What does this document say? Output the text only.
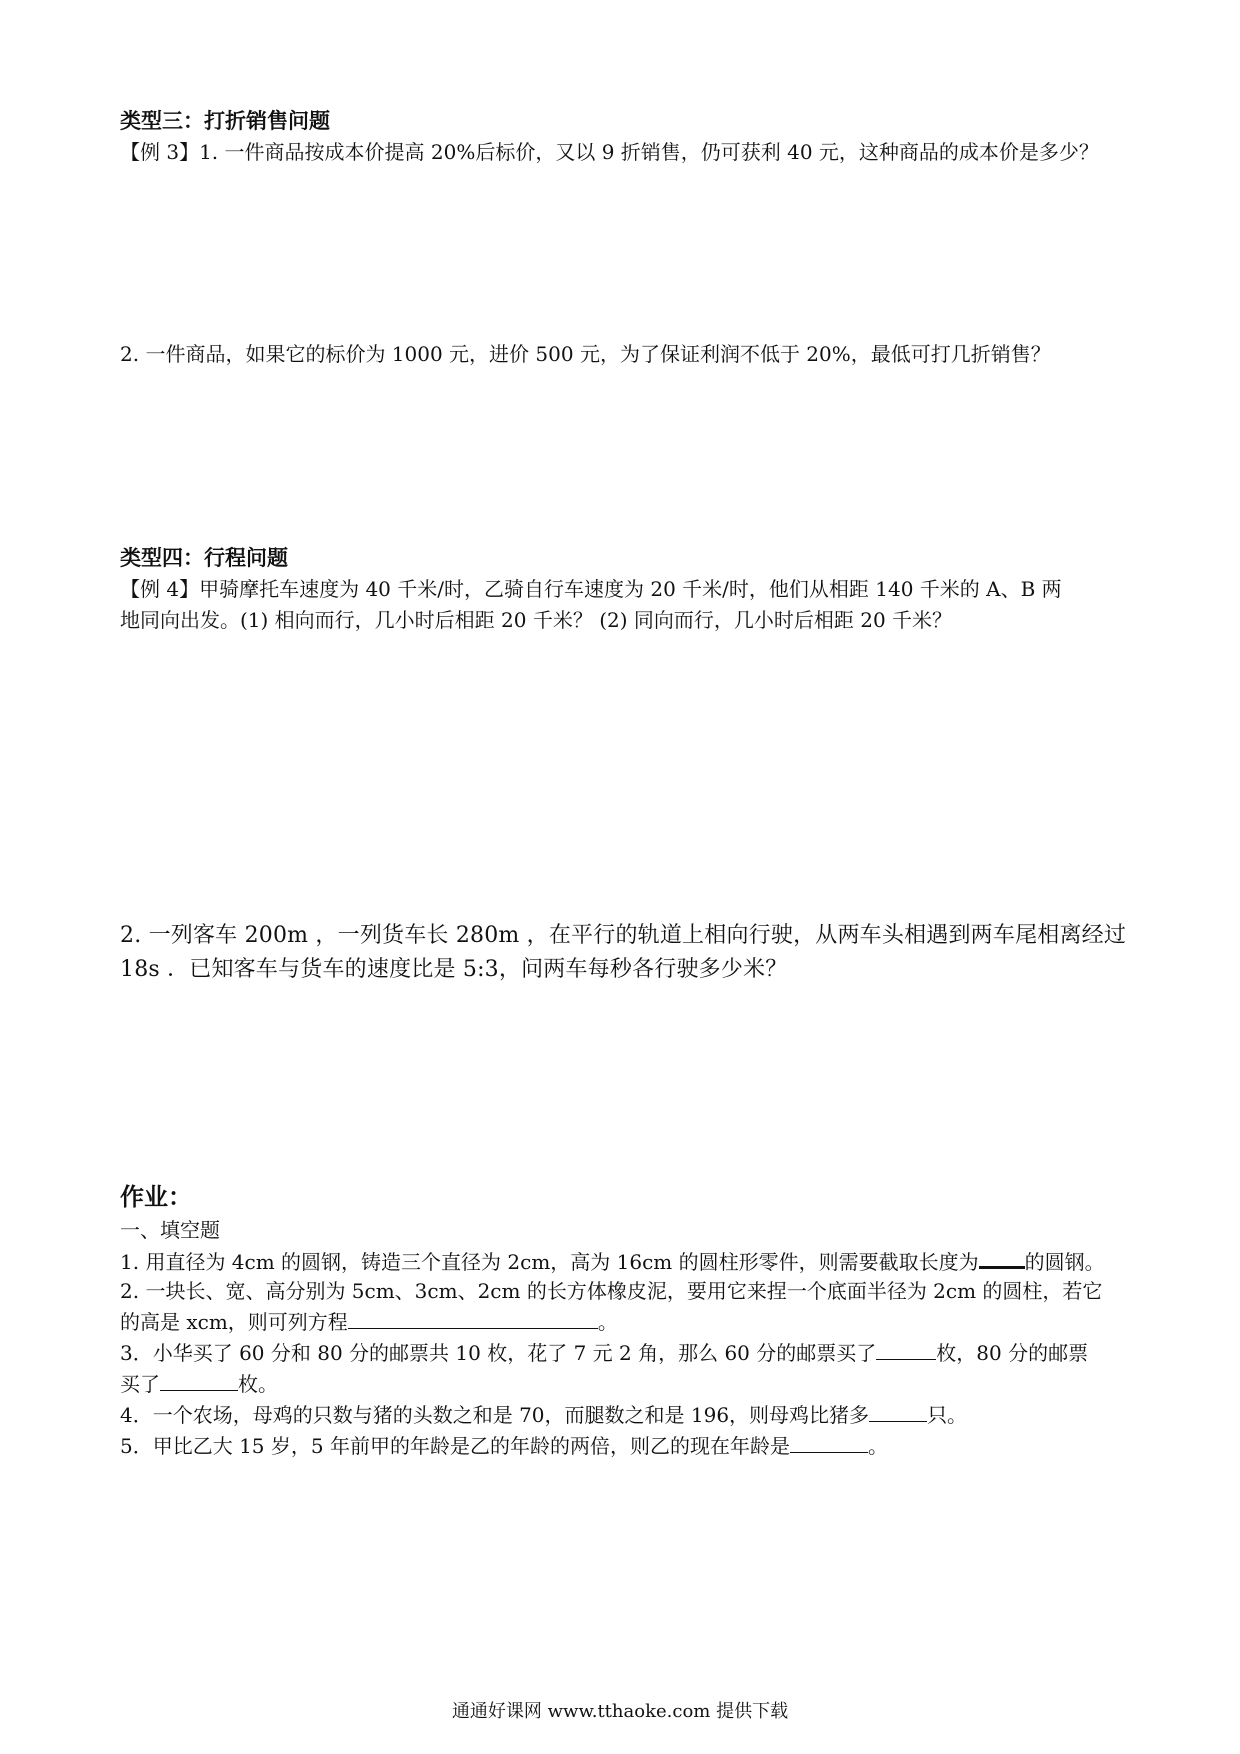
类型三：打折销售问题
【例 3】1. 一件商品按成本价提高 20%后标价，又以 9 折销售，仍可获利 40 元，这种商品的成本价是多少？
2. 一件商品，如果它的标价为 1000 元，进价 500 元，为了保证利润不低于 20%，最低可打几折销售？
类型四：行程问题
【例 4】甲骑摩托车速度为 40 千米/时，乙骑自行车速度为 20 千米/时，他们从相距 140 千米的 A、B 两
地同向出发。(1) 相向而行，几小时后相距 20 千米？ (2) 同向而行，几小时后相距 20 千米？
2. 一列客车 200m ，一列货车长 280m ，在平行的轨道上相向行驶，从两车头相遇到两车尾相离经过
18s ．已知客车与货车的速度比是 5:3，问两车每秒各行驶多少米？
作业：
一、填空题
1. 用直径为 4cm 的圆钢，铸造三个直径为 2cm，高为 16cm 的圆柱形零件，则需要截取长度为 的圆钢。
2. 一块长、宽、高分别为 5cm、3cm、2cm 的长方体橡皮泥，要用它来捏一个底面半径为 2cm 的圆柱，若它
的高是 xcm，则可列方程	。
3．小华买了 60 分和 80 分的邮票共 10 枚，花了 7 元 2 角，那么 60 分的邮票买了	枚，80 分的邮票
买了	枚。
4．一个农场，母鸡的只数与猪的头数之和是 70，而腿数之和是 196，则母鸡比猪多	只。
5．甲比乙大 15 岁，5 年前甲的年龄是乙的年龄的两倍，则乙的现在年龄是	。
通通好课网 www.tthaoke.com 提供下载
